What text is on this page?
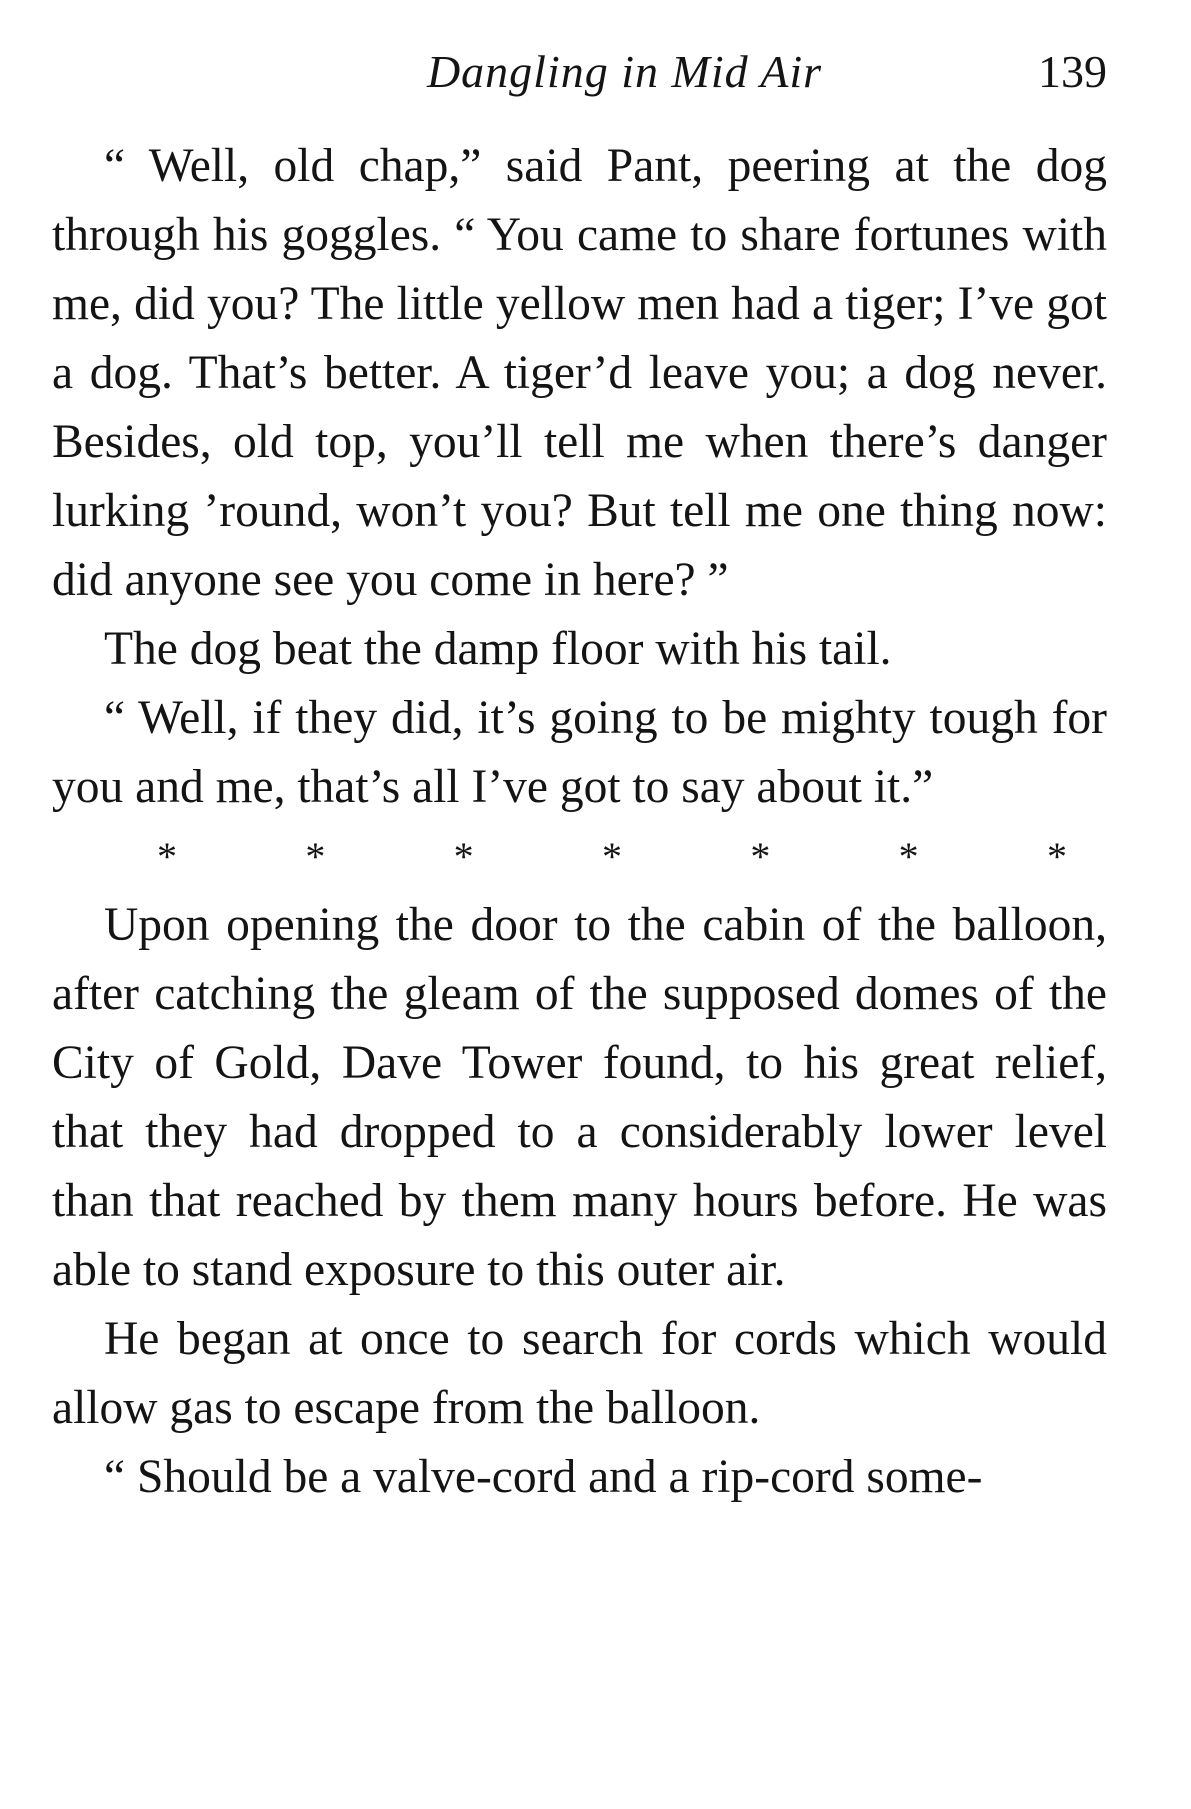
Dangling in Mid Air	139

“ Well, old chap,” said Pant, peering at the dog through his goggles. “ You came to share fortunes with me, did you? The little yellow men had a tiger; I’ve got a dog. That’s better. A tiger’d leave you; a dog never. Besides, old top, you’ll tell me when there’s danger lurking ’round, won’t you? But tell me one thing now: did anyone see you come in here? ”

The dog beat the damp floor with his tail.

“ Well, if they did, it’s going to be mighty tough for you and me, that’s all I’ve got to say about it.”

*	*	*	*	*	*	*

Upon opening the door to the cabin of the balloon, after catching the gleam of the supposed domes of the City of Gold, Dave Tower found, to his great relief, that they had dropped to a considerably lower level than that reached by them many hours before. He was able to stand exposure to this outer air.

He began at once to search for cords which would allow gas to escape from the balloon.

“ Should be a valve-cord and a rip-cord some-
